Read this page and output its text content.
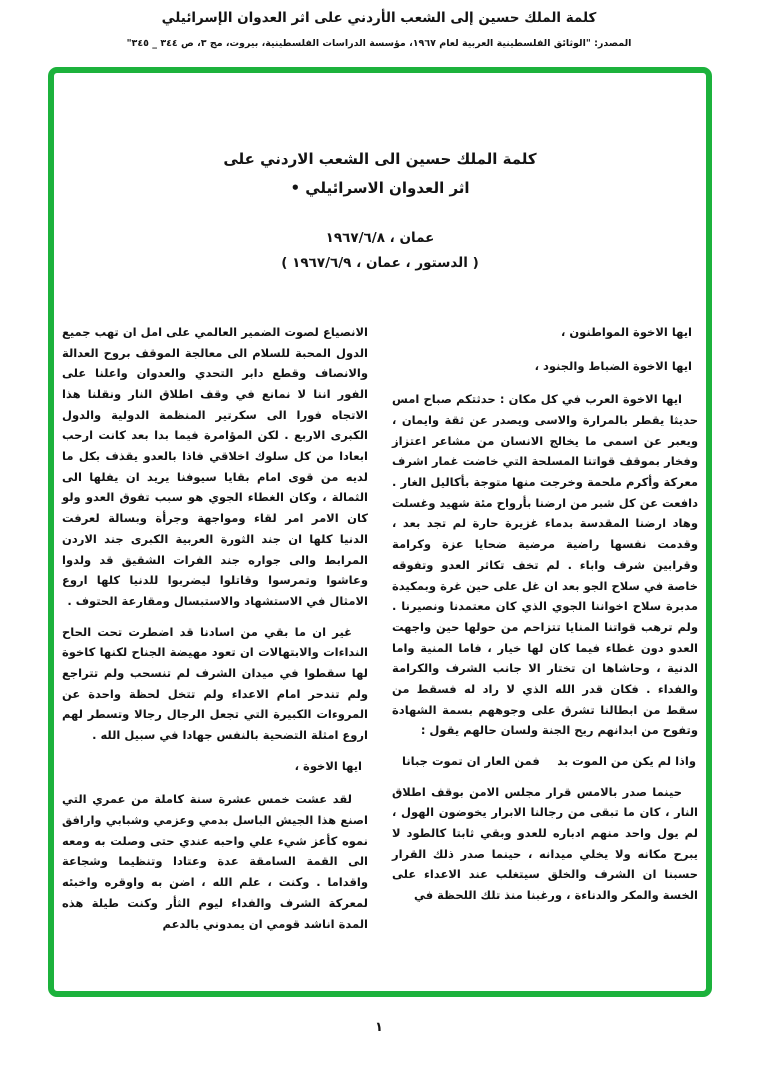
كلمة الملك حسين إلى الشعب الأردني على اثر العدوان الإسرائيلي
المصدر: "الوثائق الفلسطينية العربية لعام ١٩٦٧، مؤسسة الدراسات الفلسطينية، بيروت، مج ٣، ص ٣٤٤ _ ٣٤٥"
كلمة الملك حسين الى الشعب الاردني على
اثر العدوان الاسرائيلي •
عمان ، ١٩٦٧/٦/٨
( الدستور ، عمان ، ١٩٦٧/٦/٩ )

ايها الاخوة المواطنون ،

ايها الاخوة الضباط والجنود ،

ايها الاخوة العرب في كل مكان : حدثتكم صباح امس حديثا يقطر بالمرارة والاسى ويصدر عن ثقة وايمان ، ويعبر عن اسمى ما يخالج الانسان من مشاعر اعتزاز وفخار بموقف قواتنا المسلحة التي خاضت غمار اشرف معركة وأكرم ملحمة وخرجت منها متوجة بأكاليل الغار . دافعت عن كل شبر من ارضنا بأرواح مئة شهيد وغسلت وهاد ارضنا المقدسة بدماء غزيرة حارة لم تجد بعد ، وقدمت نفسها راضية مرضية ضحايا عزة وكرامة وقرابين شرف واباء . لم تخف تكاثر العدو وتفوقه خاصة في سلاح الجو بعد ان غل على حين غرة وبمكيدة مدبرة سلاح اخواننا الجوي الذي كان معتمدنا ونصيرنا . ولم ترهب قواتنا المنايا تتزاحم من حولها حين واجهت العدو دون غطاء فيما كان لها خيار ، فاما المنية واما الدنية ، وحاشاها ان تختار الا جانب الشرف والكرامة والفداء . فكان قدر الله الذي لا راد له فسقط من سقط من ابطالنا تشرق على وجوههم بسمة الشهادة وتفوح من ابدانهم ريح الجنة ولسان حالهم يقول :

واذا لم يكن من الموت بد
فمن العار ان تموت جبانا

حينما صدر بالامس قرار مجلس الامن بوقف اطلاق النار ، كان ما تبقى من رجالنا الابرار يخوضون الهول ، لم يول واحد منهم ادباره للعدو وبقي ثابتا كالطود لا يبرح مكانه ولا يخلي ميدانه ، حينما صدر ذلك القرار حسبنا ان الشرف والخلق سيتغلب عند الاعداء على الخسة والمكر والدناءة ، ورغبنا منذ تلك اللحظة في

الانصياع لصوت الضمير العالمي على امل ان تهب جميع الدول المحبة للسلام الى معالجة الموقف بروح العدالة والانصاف وقطع دابر التحدي والعدوان واعلنا على الفور اننا لا نمانع في وقف اطلاق النار ونقلنا هذا الاتجاه فورا الى سكرتير المنظمة الدولية والدول الكبرى الاربع . لكن المؤامرة فيما بدا بعد كانت ارحب ابعادا من كل سلوك اخلاقي فاذا بالعدو يقذف بكل ما لديه من قوى امام بقايا سيوفنا يريد ان يفلها الى الثمالة ، وكان الغطاء الجوي هو سبب تفوق العدو ولو كان الامر امر لقاء ومواجهة وجرأة وبسالة لعرفت الدنيا كلها ان جند الثورة العربية الكبرى جند الاردن المرابط والى جواره جند الفرات الشقيق قد ولدوا وعاشوا وتمرسوا وقاتلوا ليضربوا للدنيا كلها اروع الامثال في الاستشهاد والاستبسال ومقارعة الحتوف .

غير ان ما بقي من اسادنا قد اضطرت تحت الحاح النداءات والابتهالات ان تعود مهيضة الجناح لكنها كاخوة لها سقطوا في ميدان الشرف لم تنسحب ولم تتراجع ولم تندحر امام الاعداء ولم تتخل لحظة واحدة عن المروءات الكبيرة التي تجعل الرجال رجالا وتسطر لهم اروع امثلة التضحية بالنفس جهادا في سبيل الله .

ايها الاخوة ،

لقد عشت خمس عشرة سنة كاملة من عمري التي اصنع هذا الجيش الباسل بدمي وعزمي وشبابي وارافق نموه كأعز شيء علي واحبه عندي حتى وصلت به ومعه الى القمة السامقة عدة وعتادا وتنظيما وشجاعة واقداما . وكنت ، علم الله ، اضن به واوقره واخبئه لمعركة الشرف والفداء ليوم الثأر وكنت طيلة هذه المدة اناشد قومي ان يمدوني بالدعم

١
